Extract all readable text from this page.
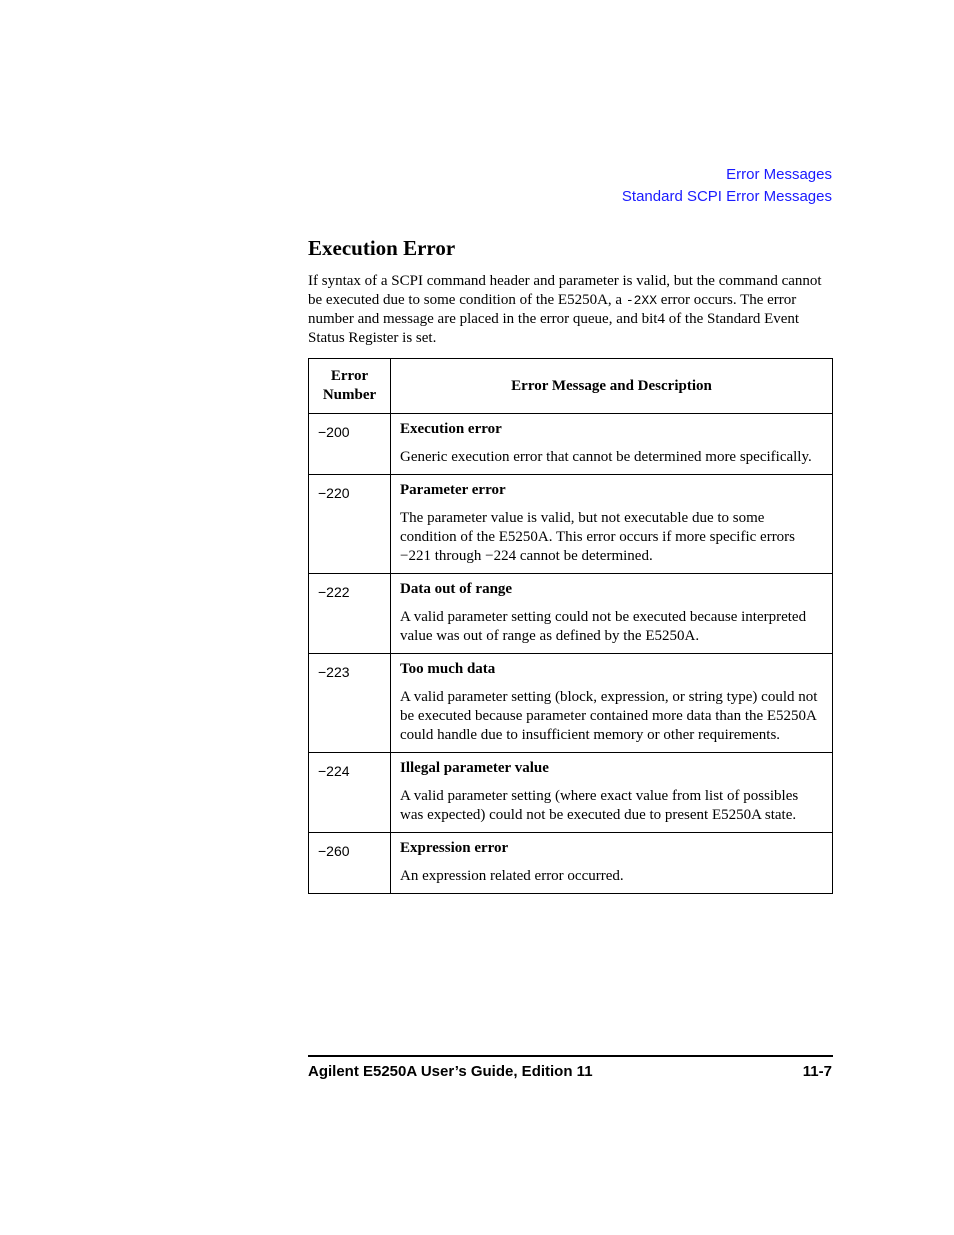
Error Messages
Standard SCPI Error Messages
Execution Error

If syntax of a SCPI command header and parameter is valid, but the command cannot be executed due to some condition of the E5250A, a -2XX error occurs. The error number and message are placed in the error queue, and bit4 of the Standard Event Status Register is set.

Error
Number	Error Message and Description
−200	Execution error

Generic execution error that cannot be determined more specifically.

−220	Parameter error

The parameter value is valid, but not executable due to some condition of the E5250A. This error occurs if more specific errors −221 through −224 cannot be determined.

−222	Data out of range

A valid parameter setting could not be executed because interpreted value was out of range as defined by the E5250A.

−223	Too much data

A valid parameter setting (block, expression, or string type) could not be executed because parameter contained more data than the E5250A could handle due to insufficient memory or other requirements.

−224	Illegal parameter value

A valid parameter setting (where exact value from list of possibles was expected) could not be executed due to present E5250A state.

−260	Expression error

An expression related error occurred.

Agilent E5250A User’s Guide, Edition 11	11-7
